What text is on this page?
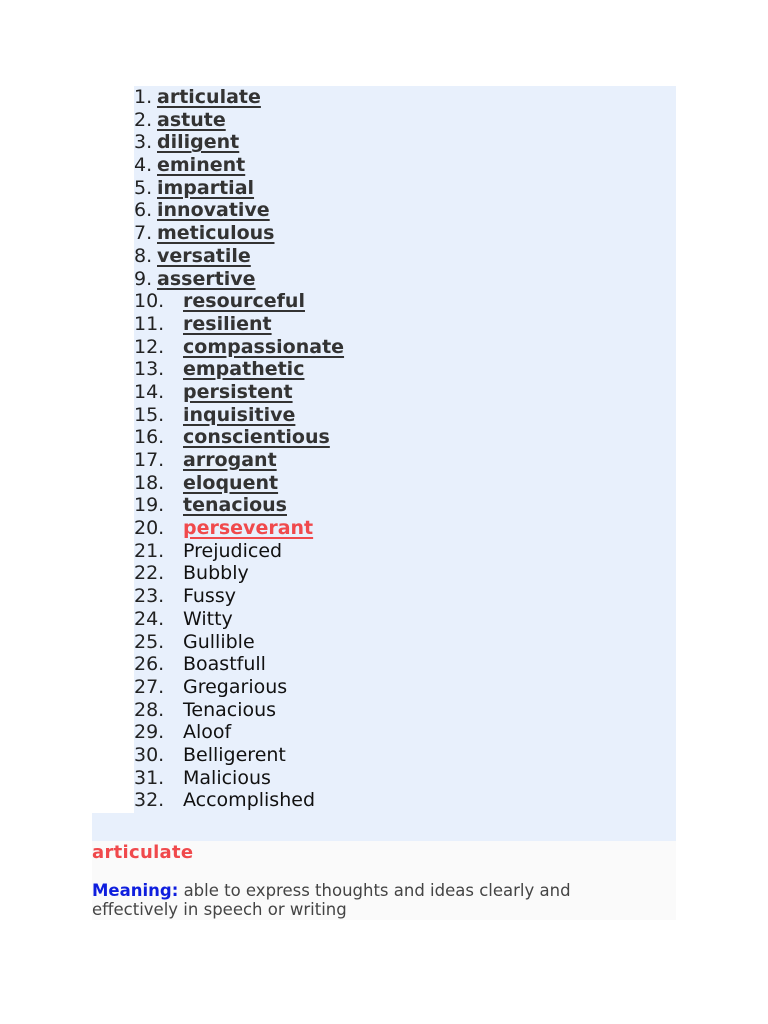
1. articulate
2. astute
3. diligent
4. eminent
5. impartial
6. innovative
7. meticulous
8. versatile
9. assertive
10. resourceful
11. resilient
12. compassionate
13. empathetic
14. persistent
15. inquisitive
16. conscientious
17. arrogant
18. eloquent
19. tenacious
20. perseverant
21. Prejudiced
22. Bubbly
23. Fussy
24. Witty
25. Gullible
26. Boastfull
27. Gregarious
28. Tenacious
29. Aloof
30. Belligerent
31. Malicious
32. Accomplished
articulate
Meaning: able to express thoughts and ideas clearly and effectively in speech or writing
